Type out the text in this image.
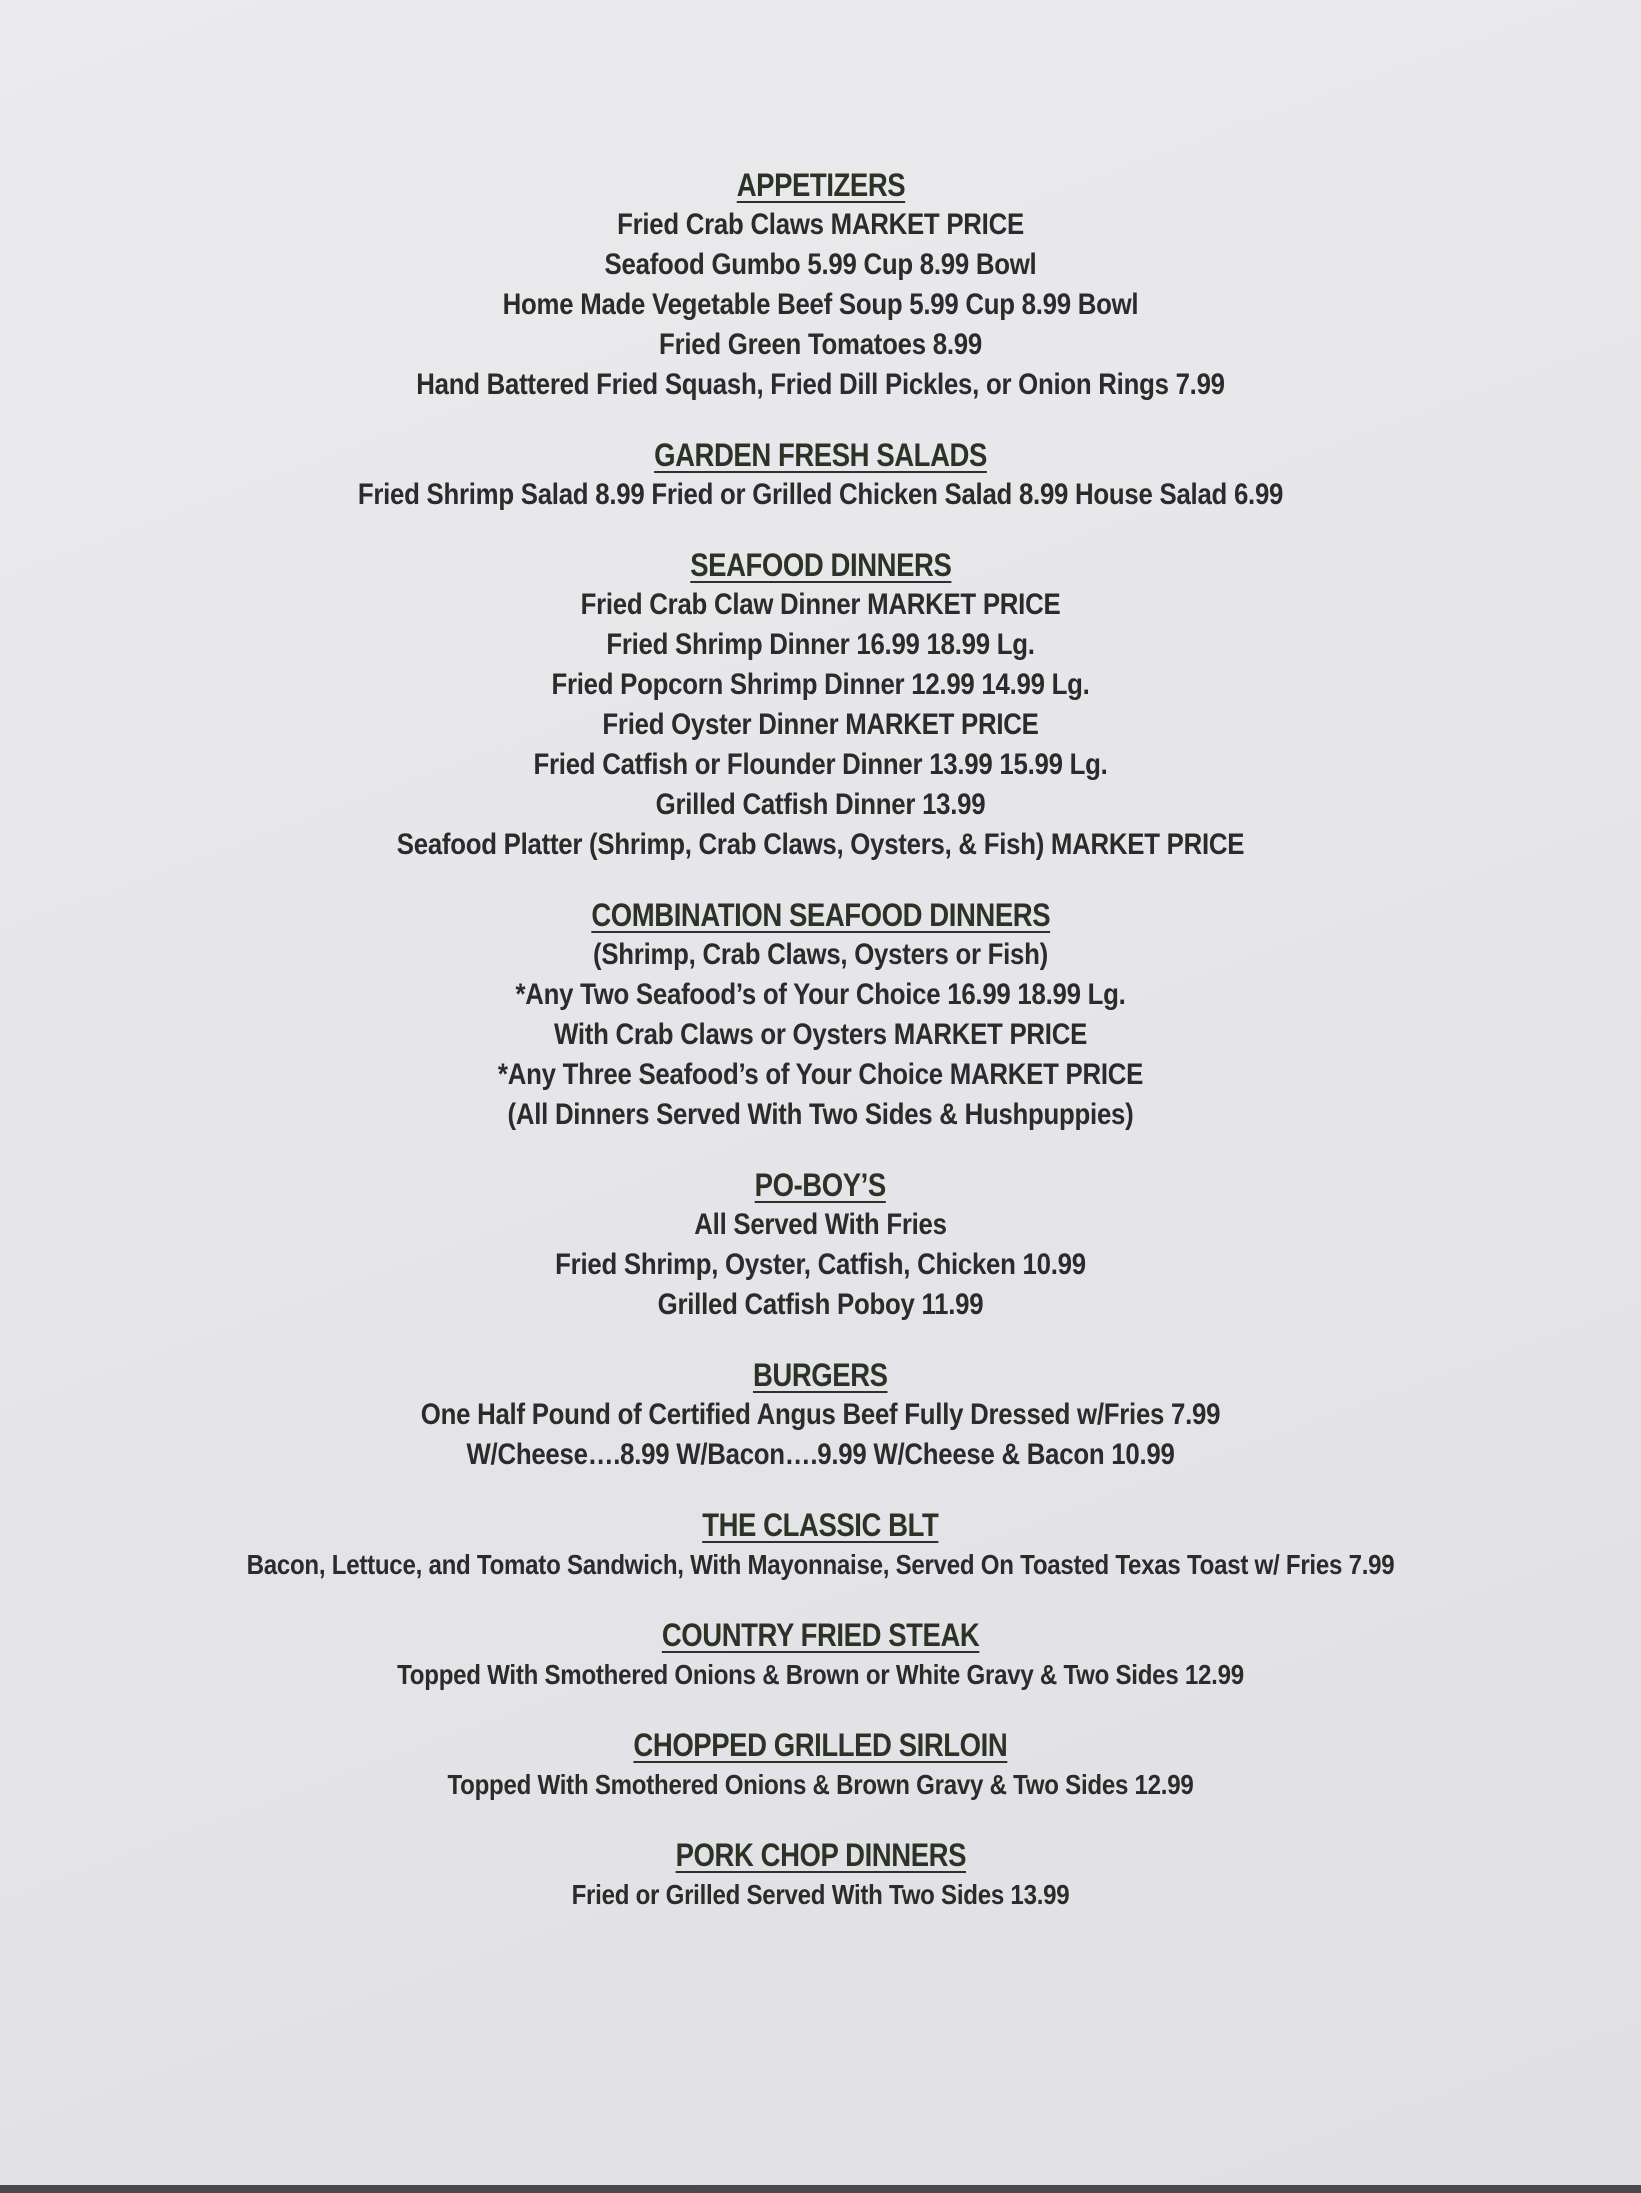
APPETIZERS
Fried Crab Claws MARKET PRICE
Seafood Gumbo 5.99 Cup 8.99 Bowl
Home Made Vegetable Beef Soup 5.99 Cup 8.99 Bowl
Fried Green Tomatoes 8.99
Hand Battered Fried Squash, Fried Dill Pickles, or Onion Rings 7.99
GARDEN FRESH SALADS
Fried Shrimp Salad 8.99 Fried or Grilled Chicken Salad 8.99 House Salad 6.99
SEAFOOD DINNERS
Fried Crab Claw Dinner MARKET PRICE
Fried Shrimp Dinner 16.99 18.99 Lg.
Fried Popcorn Shrimp Dinner 12.99 14.99 Lg.
Fried Oyster Dinner MARKET PRICE
Fried Catfish or Flounder Dinner 13.99 15.99 Lg.
Grilled Catfish Dinner 13.99
Seafood Platter (Shrimp, Crab Claws, Oysters, & Fish) MARKET PRICE
COMBINATION SEAFOOD DINNERS
(Shrimp, Crab Claws, Oysters or Fish)
*Any Two Seafood’s of Your Choice 16.99 18.99 Lg.
With Crab Claws or Oysters MARKET PRICE
*Any Three Seafood’s of Your Choice MARKET PRICE
(All Dinners Served With Two Sides & Hushpuppies)
PO-BOY’S
All Served With Fries
Fried Shrimp, Oyster, Catfish, Chicken 10.99
Grilled Catfish Poboy 11.99
BURGERS
One Half Pound of Certified Angus Beef Fully Dressed w/Fries 7.99
W/Cheese….8.99 W/Bacon….9.99 W/Cheese & Bacon 10.99
THE CLASSIC BLT
Bacon, Lettuce, and Tomato Sandwich, With Mayonnaise, Served On Toasted Texas Toast w/ Fries 7.99
COUNTRY FRIED STEAK
Topped With Smothered Onions & Brown or White Gravy & Two Sides 12.99
CHOPPED GRILLED SIRLOIN
Topped With Smothered Onions & Brown Gravy & Two Sides 12.99
PORK CHOP DINNERS
Fried or Grilled Served With Two Sides 13.99
